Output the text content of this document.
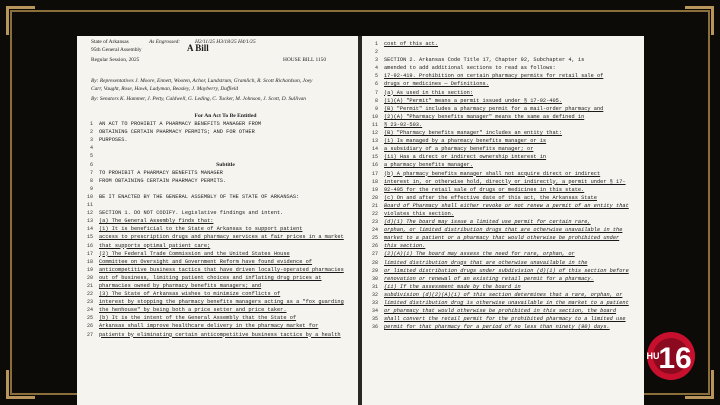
State of Arkansas	As Engrossed:	H2/11/25 H3/18/25 H4/1/25
95th General Assembly	A Bill
Regular Session, 2025	HOUSE BILL 1150
By: Representatives J. Moore, Ennett, Wooten, Achor, Lundstrum, Gramlich, R. Scott Richardson, Joey
Carr, Vaught, Rose, Hawk, Ladyman, Beasley, J. Mayberry, Duffield
By: Senators K. Hammer, J. Petty, Caldwell, G. Leding, C. Tucker, M. Johnson, J. Scott, D. Sullivan
For An Act To Be Entitled
1 AN ACT TO PROHIBIT A PHARMACY BENEFITS MANAGER FROM
2 OBTAINING CERTAIN PHARMACY PERMITS; AND FOR OTHER
3 PURPOSES.
4
5
6	Subtitle
7 TO PROHIBIT A PHARMACY BENEFITS MANAGER
8 FROM OBTAINING CERTAIN PHARMACY PERMITS.
9
10 BE IT ENACTED BY THE GENERAL ASSEMBLY OF THE STATE OF ARKANSAS:
11
12 SECTION 1. DO NOT CODIFY. Legislative findings and intent.
13 (a) The General Assembly finds that:
14 (1) It is beneficial to the State of Arkansas to support patient
15 access to prescription drugs and pharmacy services at fair prices in a market
16 that supports optimal patient care;
17 (2) The Federal Trade Commission and the United States House
18 Committee on Oversight and Government Reform have found evidence of
19 anticompetitive business tactics that have driven locally-operated pharmacies
20 out of business, limiting patient choices and inflating drug prices at
21 pharmacies owned by pharmacy benefits managers; and
22 (3) The State of Arkansas wishes to minimize conflicts of
23 interest by stopping the pharmacy benefits managers acting as a "fox guarding
24 the henhouse" by being both a price setter and price taker.
25 (b) It is the intent of the General Assembly that the State of
26 Arkansas shall improve healthcare delivery in the pharmacy market for
27 patients by eliminating certain anticompetitive business tactics by a health
1 cost of this act.
2
3 SECTION 2. Arkansas Code Title 17, Chapter 92, Subchapter 4, is
4 amended to add additional sections to read as follows:
5 17-92-419. Prohibition on certain pharmacy permits for retail sale of
6 drugs or medicines — Definitions.
7 (a) As used in this section:
8 (1)(A) "Permit" means a permit issued under § 17-92-405.
9 (B) "Permit" includes a pharmacy permit for a mail-order pharmacy and
10 (2)(A) "Pharmacy benefits manager" means the same as defined in
11 § 23-92-503.
12 (B) "Pharmacy benefits manager" includes an entity that:
13 (i) Is managed by a pharmacy benefits manager or is
14 a subsidiary of a pharmacy benefits manager; or
15 (ii) Has a direct or indirect ownership interest in
16 a pharmacy benefits manager.
17 (b) A pharmacy benefits manager shall not acquire direct or indirect
18 interest in, or otherwise hold, directly or indirectly, a permit under § 17-
19 92-405 for the retail sale of drugs or medicines in this state.
20 (c) On and after the effective date of this act, the Arkansas State
21 Board of Pharmacy shall either revoke or not renew a permit of an entity that
22 violates this section.
23 (d)(1) The board may issue a limited use permit for certain rare,
24 orphan, or limited distribution drugs that are otherwise unavailable in the
25 market to a patient or a pharmacy that would otherwise be prohibited under
26 this section.
27 (2)(A)(i) The board may assess the need for rare, orphan, or
28 limited distribution drugs that are otherwise unavailable in the
29 or limited distribution drugs under subdivision (d)(1) of this section before
30 renovation or renewal of an existing retail permit for a pharmacy.
31 (ii) If the assessment made by the board in
32 subdivision (d)(2)(A)(i) of this section determines that a rare, orphan, or
33 limited distribution drug is otherwise unavailable in the market to a patient
34 or pharmacy that would otherwise be prohibited in this section, the board
35 shall convert the retail permit for the prohibited pharmacy to a limited use
36 permit for that pharmacy for a period of no less than ninety (90) days.
16
HU
